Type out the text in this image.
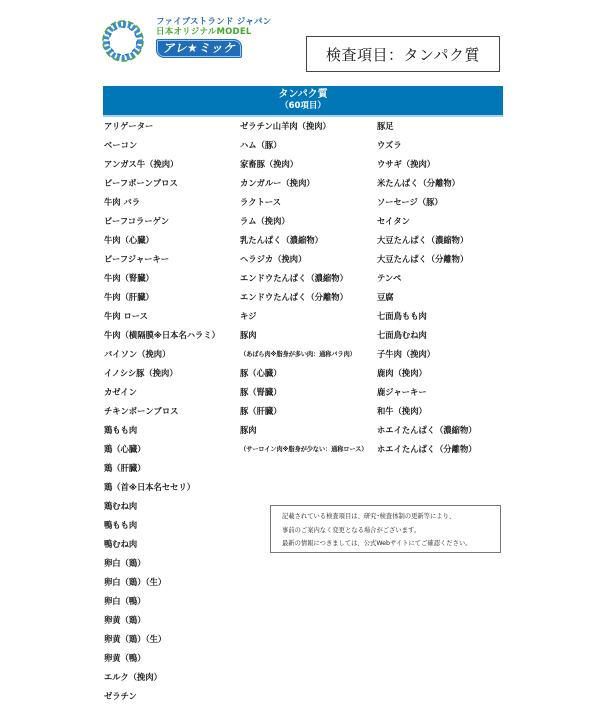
ファイブストランド ジャパン
日本オリジナルMODEL
アレ★ミッケ	検査項目：タンパク質
タンパク質
（60項目）
アリゲーター
ベーコン
アンガス牛（挽肉）
ビーフボーンブロス
牛肉 バラ
ビーフコラーゲン
牛肉（心臓）
ビーフジャーキー
牛肉（腎臓）
牛肉（肝臓）
牛肉 ロース
牛肉（横隔膜※日本名ハラミ）
バイソン（挽肉）
イノシシ豚（挽肉）
カゼイン
チキンボーンブロス
鶏もも肉
鶏（心臓）
鶏（肝臓）
鶏（首※日本名セセリ）
鶏むね肉
鴨もも肉
鴨むね肉
卵白（鶏）
卵白（鶏）（生）
卵白（鴨）
卵黄（鶏）
卵黄（鶏）（生）
卵黄（鴨）
エルク（挽肉）
ゼラチン
ゼラチン山羊肉（挽肉）
ハム（豚）
家畜豚（挽肉）
カンガルー（挽肉）
ラクトース
ラム（挽肉）
乳たんぱく（濃縮物）
ヘラジカ（挽肉）
エンドウたんぱく（濃縮物）
エンドウたんぱく（分離物）
キジ
豚肉
（あばら肉※脂身が多い肉：通称バラ肉）
豚（心臓）
豚（腎臓）
豚（肝臓）
豚肉
（サーロイン肉※脂身が少ない：通称ロース）
豚足
ウズラ
ウサギ（挽肉）
米たんぱく（分離物）
ソーセージ（豚）
セイタン
大豆たんぱく（濃縮物）
大豆たんぱく（分離物）
テンペ
豆腐
七面鳥もも肉
七面鳥むね肉
子牛肉（挽肉）
鹿肉（挽肉）
鹿ジャーキー
和牛（挽肉）
ホエイたんぱく（濃縮物）
ホエイたんぱく（分離物）
記載されている検査項目は、研究･検査体制の更新等により、
事前のご案内なく変更となる場合がございます。
最新の情報につきましては、公式Webサイトにてご確認ください。
